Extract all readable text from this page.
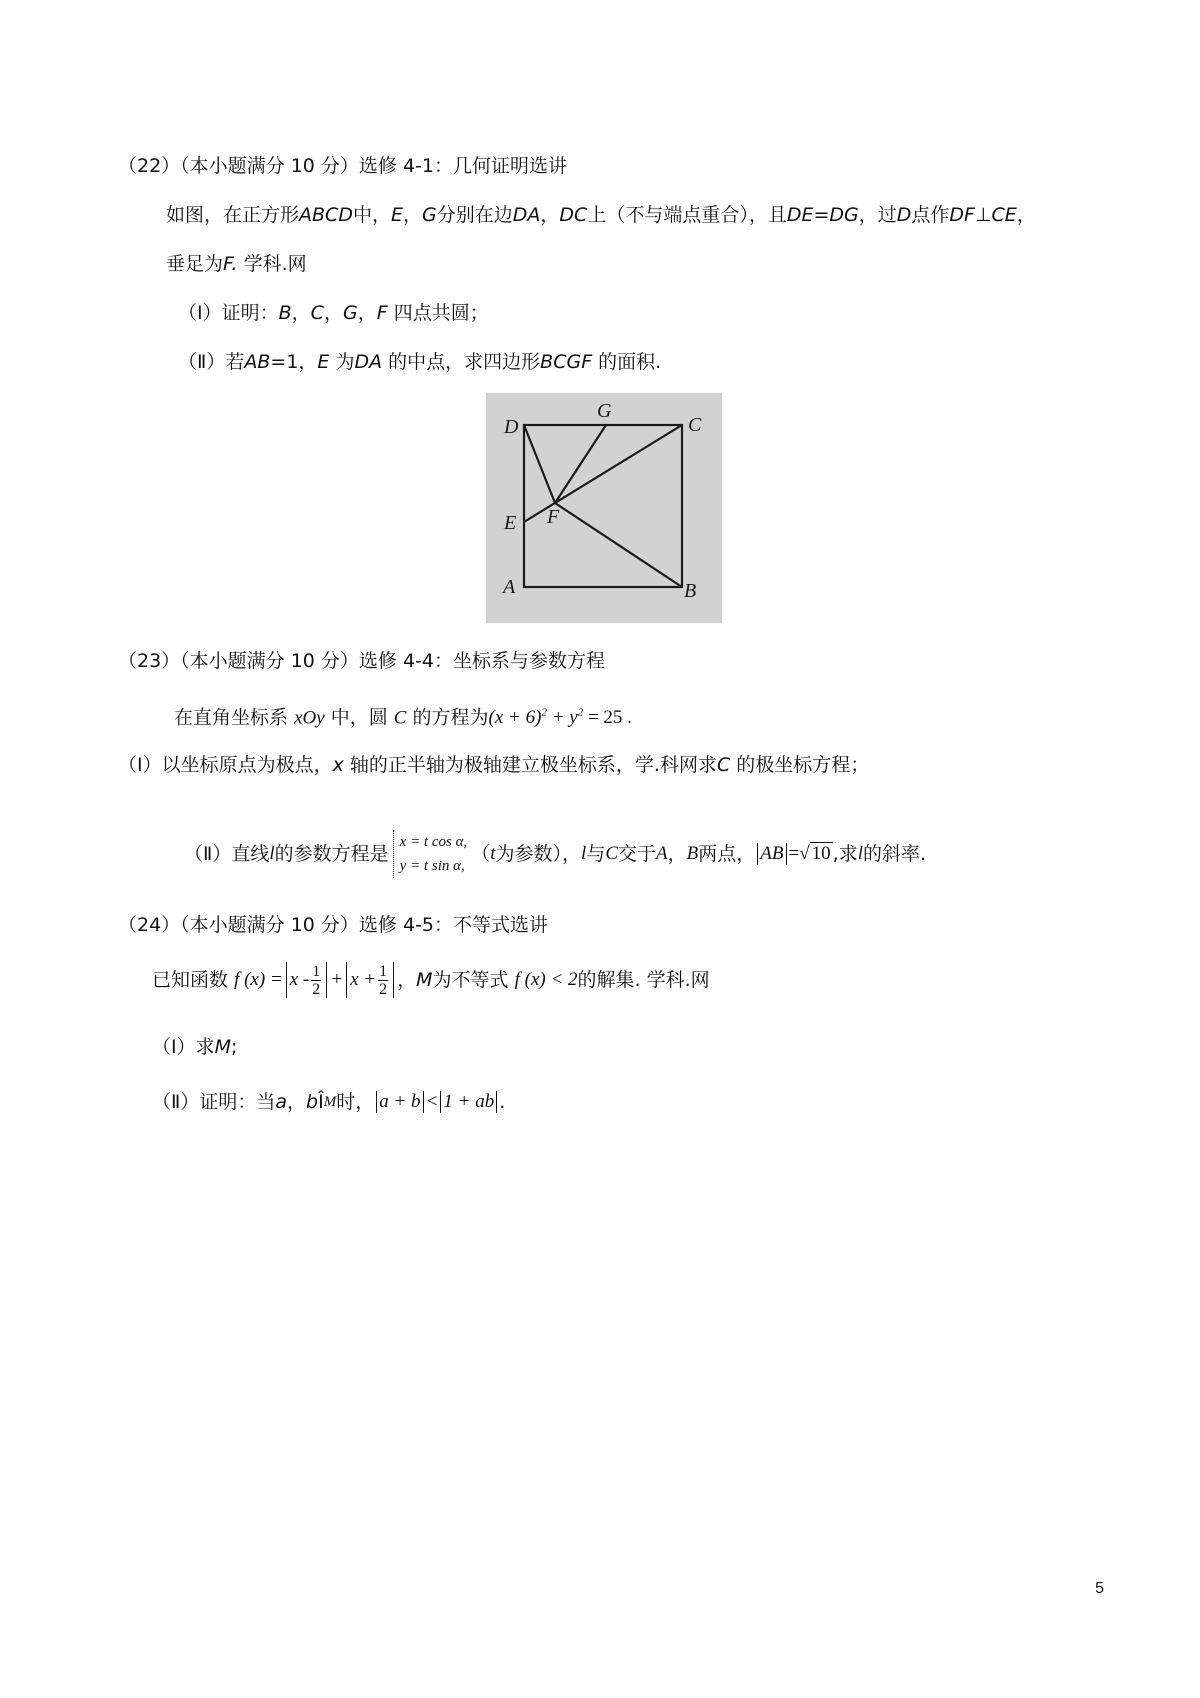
（22）（本小题满分 10 分）选修 4-1：几何证明选讲
如图，在正方形ABCD中，E，G分别在边DA，DC上（不与端点重合），且DE=DG，过D点作DF⊥CE，
垂足为F. 学科.网
（Ⅰ）证明：B，C，G，F 四点共圆；
（Ⅱ）若AB=1，E 为DA 的中点，求四边形BCGF 的面积.
D
G
C
E F
A	B
（23）（本小题满分 10 分）选修 4-4：坐标系与参数方程
在直角坐标系 xOy 中，圆 C 的方程为$(x + 6)^2 + y^2 = 25$ .
（Ⅰ）以坐标原点为极点，x 轴的正半轴为极轴建立极坐标系，学.科网求C 的极坐标方程；
（Ⅱ）直线 l 的参数方程是
x = t cos α,
y = t sin α,
（ t 为参数）， l 与 C 交于 A ， B 两点， AB = √ 10 ,求 l 的斜率.
（24）（本小题满分 10 分）选修 4-5：不等式选讲
已知函数
f $(x) = x - \frac{1}{2} + x + \frac{1}{2}$ ， M 为不等式
f (x) < 2 的解集. 学科.网
（Ⅰ）求M;
（Ⅱ）证明：当 a ， b Î M 时， a + b < 1 + ab .
5
